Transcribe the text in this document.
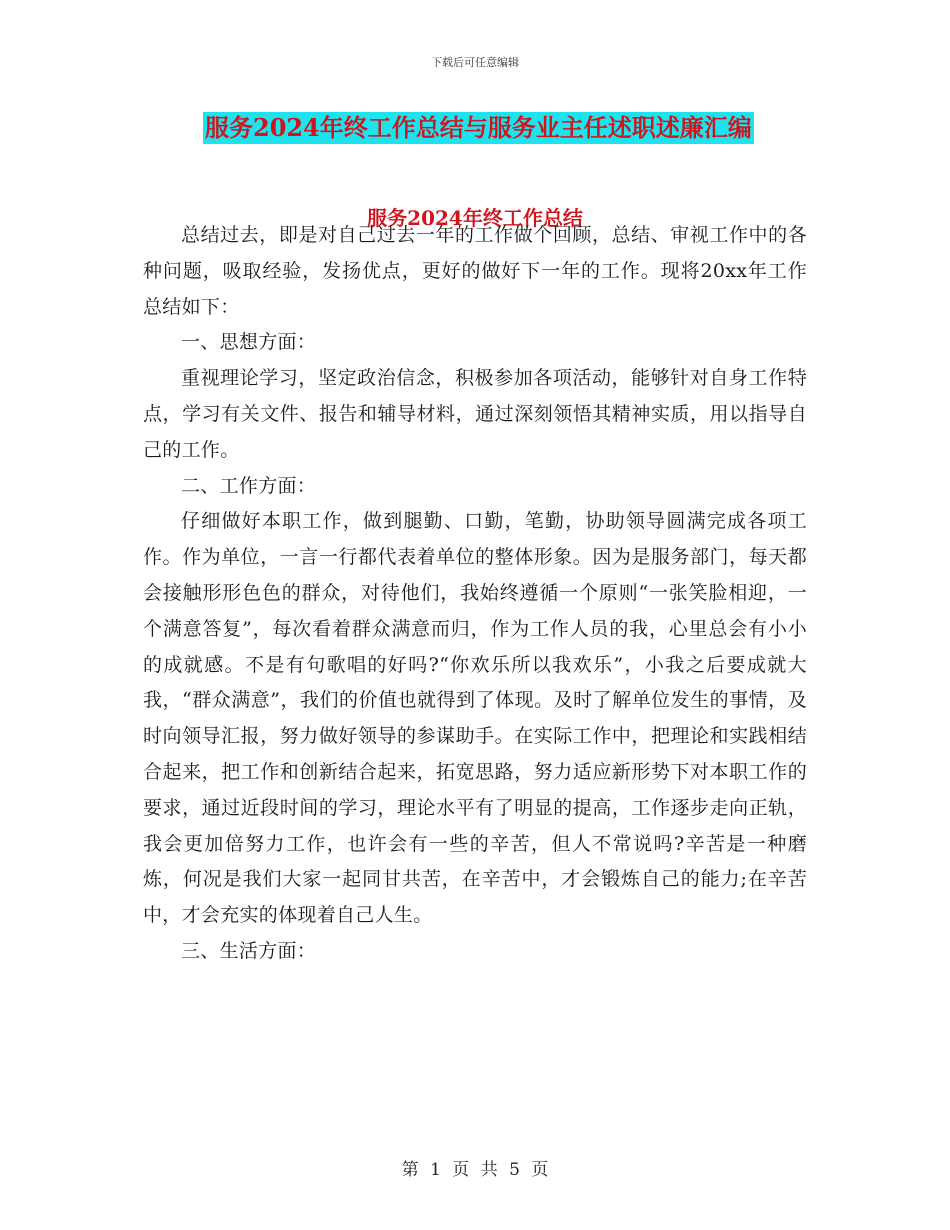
下载后可任意编辑
服务2024年终工作总结与服务业主任述职述廉汇编
服务2024年终工作总结

总结过去，即是对自己过去一年的工作做个回顾，总结、审视工作中的各种问题，吸取经验，发扬优点，更好的做好下一年的工作。现将20xx年工作总结如下：

一、思想方面：

重视理论学习，坚定政治信念，积极参加各项活动，能够针对自身工作特点，学习有关文件、报告和辅导材料，通过深刻领悟其精神实质，用以指导自己的工作。

二、工作方面：

仔细做好本职工作，做到腿勤、口勤，笔勤，协助领导圆满完成各项工作。作为单位，一言一行都代表着单位的整体形象。因为是服务部门，每天都会接触形形色色的群众，对待他们，我始终遵循一个原则“一张笑脸相迎，一个满意答复”，每次看着群众满意而归，作为工作人员的我，心里总会有小小的成就感。不是有句歌唱的好吗?“你欢乐所以我欢乐”，小我之后要成就大我，“群众满意”，我们的价值也就得到了体现。及时了解单位发生的事情，及时向领导汇报，努力做好领导的参谋助手。在实际工作中，把理论和实践相结合起来，把工作和创新结合起来，拓宽思路，努力适应新形势下对本职工作的要求，通过近段时间的学习，理论水平有了明显的提高，工作逐步走向正轨，我会更加倍努力工作，也许会有一些的辛苦，但人不常说吗?辛苦是一种磨炼，何况是我们大家一起同甘共苦，在辛苦中，才会锻炼自己的能力;在辛苦中，才会充实的体现着自己人生。

三、生活方面：

第 1 页 共 5 页
